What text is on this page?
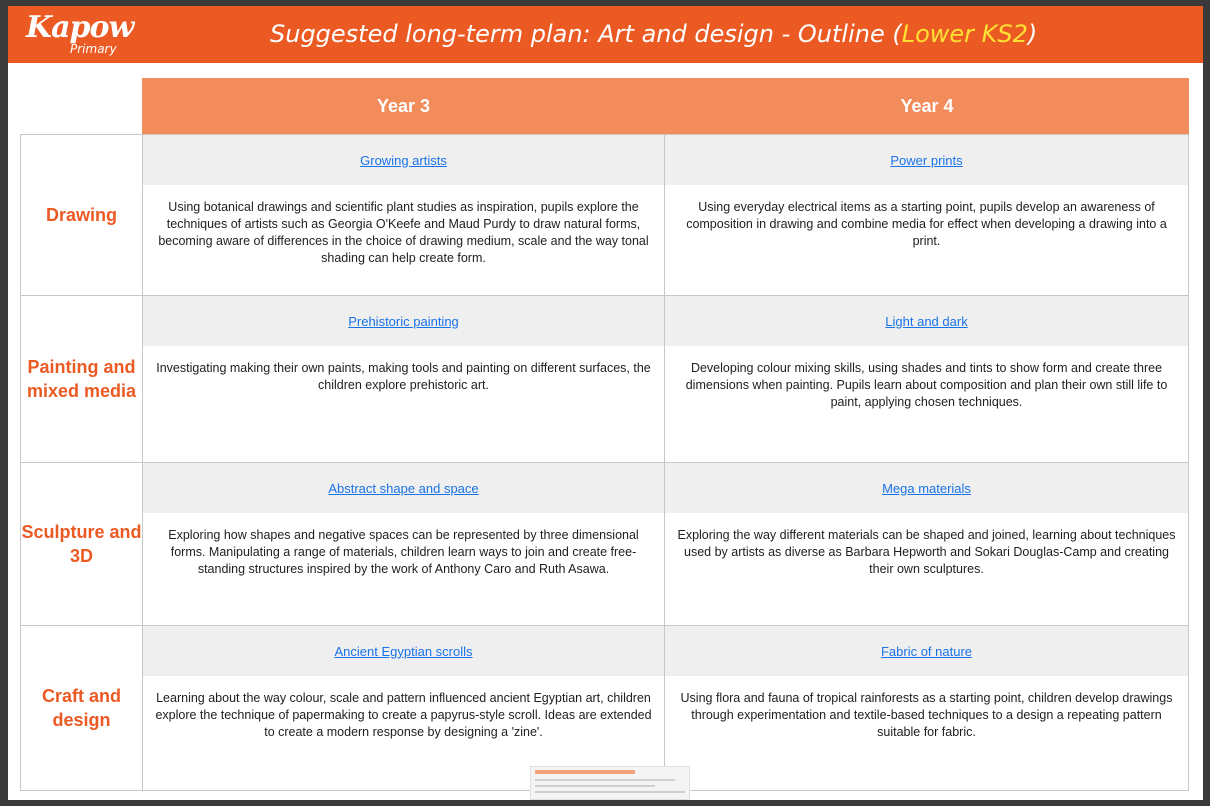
Kapow
Primary
Suggested long-term plan: Art and design - Outline (Lower KS2)
Year 3	Year 4
Drawing
Growing artists
Using botanical drawings and scientific plant studies as inspiration, pupils explore the techniques of artists such as Georgia O'Keefe and Maud Purdy to draw natural forms, becoming aware of differences in the choice of drawing medium, scale and the way tonal shading can help create form.
Power prints
Using everyday electrical items as a starting point, pupils develop an awareness of composition in drawing and combine media for effect when developing a drawing into a print.
Painting and mixed media
Prehistoric painting
Investigating making their own paints, making tools and painting on different surfaces, the children explore prehistoric art.
Light and dark
Developing colour mixing skills, using shades and tints to show form and create three dimensions when painting. Pupils learn about composition and plan their own still life to paint, applying chosen techniques.
Sculpture and 3D
Abstract shape and space
Exploring how shapes and negative spaces can be represented by three dimensional forms. Manipulating a range of materials, children learn ways to join and create free-standing structures inspired by the work of Anthony Caro and Ruth Asawa.
Mega materials
Exploring the way different materials can be shaped and joined, learning about techniques used by artists as diverse as Barbara Hepworth and Sokari Douglas-Camp and creating their own sculptures.
Craft and design
Ancient Egyptian scrolls
Learning about the way colour, scale and pattern influenced ancient Egyptian art, children explore the technique of papermaking to create a papyrus-style scroll. Ideas are extended to create a modern response by designing a 'zine'.
Fabric of nature
Using flora and fauna of tropical rainforests as a starting point, children develop drawings through experimentation and textile-based techniques to a design a repeating pattern suitable for fabric.
